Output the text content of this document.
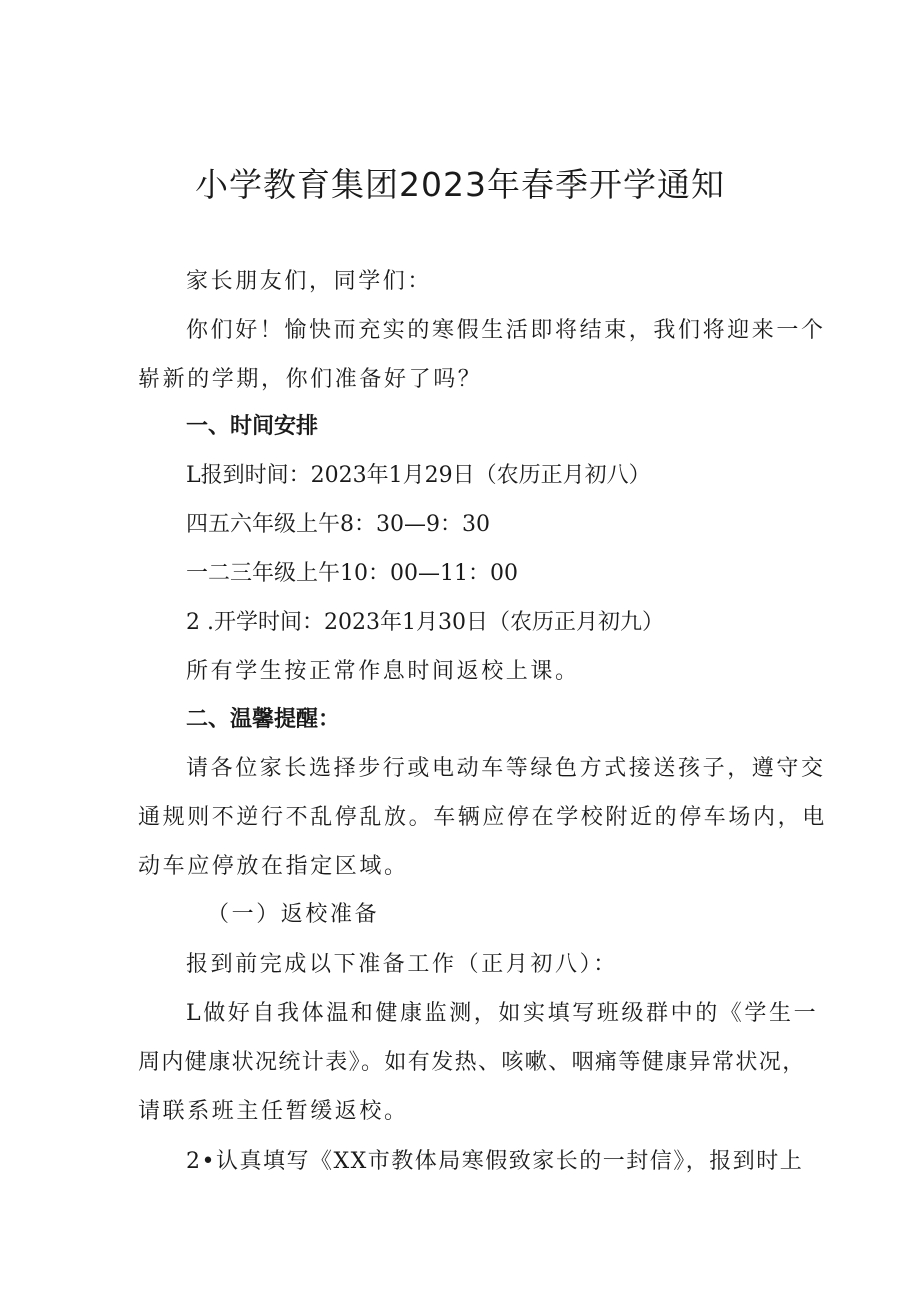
小学教育集团2023年春季开学通知

家长朋友们，同学们：

你们好！愉快而充实的寒假生活即将结束，我们将迎来一个

崭新的学期，你们准备好了吗？

一、时间安排

L报到时间：2023年1月29日（农历正月初八）

四五六年级上午8：30—9：30

一二三年级上午10：00—11：00

2 .开学时间：2023年1月30日（农历正月初九）

所有学生按正常作息时间返校上课。

二、温馨提醒：

请各位家长选择步行或电动车等绿色方式接送孩子，遵守交

通规则不逆行不乱停乱放。车辆应停在学校附近的停车场内，电

动车应停放在指定区域。

（一）返校准备

报到前完成以下准备工作（正月初八）：

L做好自我体温和健康监测，如实填写班级群中的《学生一

周内健康状况统计表》。如有发热、咳嗽、咽痛等健康异常状况，

请联系班主任暂缓返校。

2•认真填写《XX市教体局寒假致家长的一封信》，报到时上
